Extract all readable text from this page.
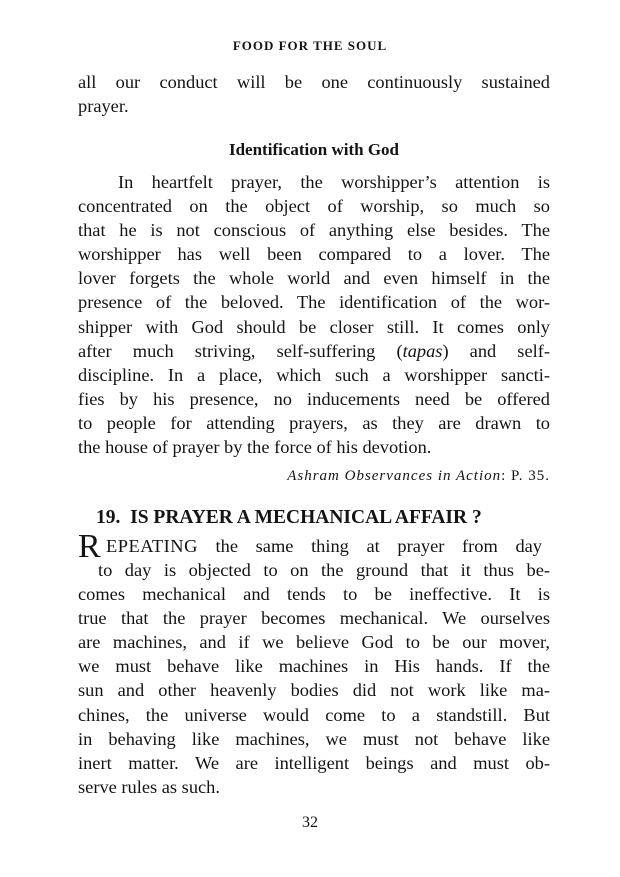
FOOD FOR THE SOUL
all our conduct will be one continuously sustained
prayer.
Identification with God
In heartfelt prayer, the worshipper’s attention is
concentrated on the object of worship, so much so
that he is not conscious of anything else besides. The
worshipper has well been compared to a lover. The
lover forgets the whole world and even himself in the
presence of the beloved. The identification of the wor-
shipper with God should be closer still. It comes only
after much striving, self-suffering (tapas) and self-
discipline. In a place, which such a worshipper sancti-
fies by his presence, no inducements need be offered
to people for attending prayers, as they are drawn to
the house of prayer by the force of his devotion.
Ashram Observances in Action: P. 35.
19. IS PRAYER A MECHANICAL AFFAIR ?
R EPEATING the same thing at prayer from day
to day is objected to on the ground that it thus be-
comes mechanical and tends to be ineffective. It is
true that the prayer becomes mechanical. We ourselves
are machines, and if we believe God to be our mover,
we must behave like machines in His hands. If the
sun and other heavenly bodies did not work like ma-
chines, the universe would come to a standstill. But
in behaving like machines, we must not behave like
inert matter. We are intelligent beings and must ob-
serve rules as such.
32
